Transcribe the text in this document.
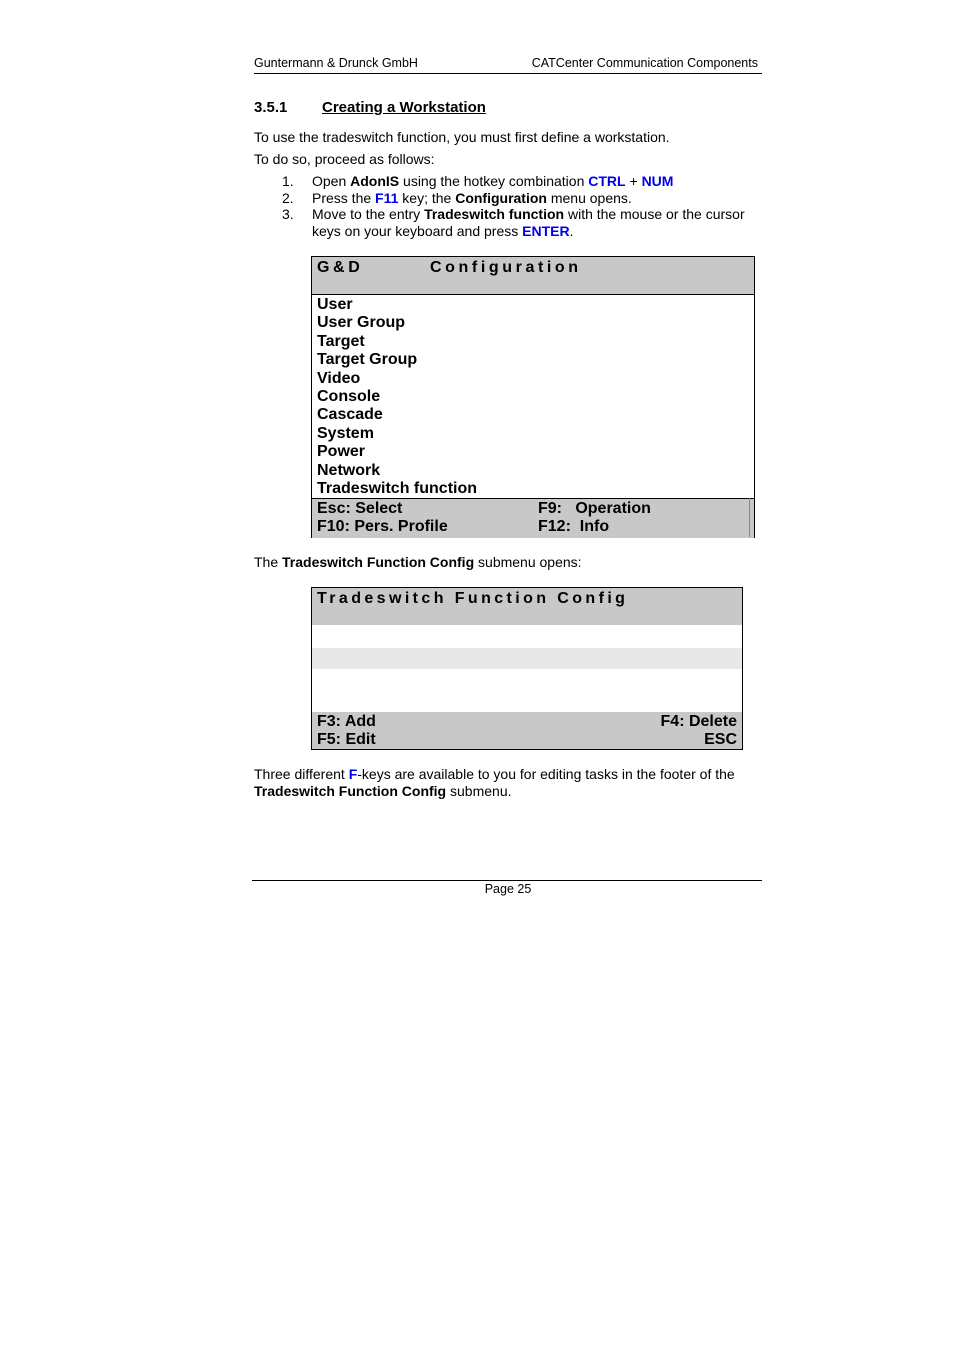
Guntermann & Drunck GmbH	CATCenter Communication Components
3.5.1 Creating a Workstation
To use the tradeswitch function, you must first define a workstation.
To do so, proceed as follows:
1. Open AdonIS using the hotkey combination CTRL + NUM
2. Press the F11 key; the Configuration menu opens.
3. Move to the entry Tradeswitch function with the mouse or the cursor keys on your keyboard and press ENTER.
G&D	Configuration
User
User Group
Target
Target Group
Video
Console
Cascade
System
Power
Network
Tradeswitch function
Esc: Select
F10: Pers. Profile
F9:   Operation
F12:  Info
The Tradeswitch Function Config submenu opens:
Tradeswitch Function Config
F3: Add
F5: Edit
F4: Delete
ESC
Three different F-keys are available to you for editing tasks in the footer of the
Tradeswitch Function Config submenu.
Page 25
